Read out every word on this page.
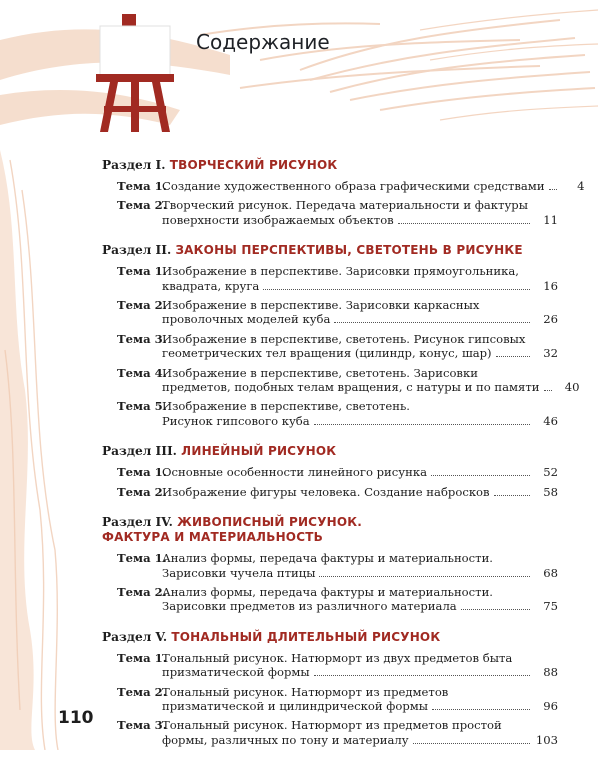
Содержание
Раздел I. ТВОРЧЕСКИЙ РИСУНОК
Тема 1.
Создание художественного образа графическими средствами	4
Тема 2.
Творческий рисунок. Передача материальности и фактуры
поверхности изображаемых объектов	11
Раздел II. ЗАКОНЫ ПЕРСПЕКТИВЫ, СВЕТОТЕНЬ В РИСУНКЕ
Тема 1.
Изображение в перспективе. Зарисовки прямоугольника,
квадрата, круга	16
Тема 2.
Изображение в перспективе. Зарисовки каркасных
проволочных моделей куба	26
Тема 3.
Изображение в перспективе, светотень. Рисунок гипсовых
геометрических тел вращения (цилиндр, конус, шар)	32
Тема 4.
Изображение в перспективе, светотень. Зарисовки
предметов, подобных телам вращения, с натуры и по памяти	40
Тема 5.
Изображение в перспективе, светотень.
Рисунок гипсового куба	46
Раздел III. ЛИНЕЙНЫЙ РИСУНОК
Тема 1.
Основные особенности линейного рисунка	52
Тема 2.
Изображение фигуры человека. Создание набросков	58
Раздел IV. ЖИВОПИСНЫЙ РИСУНОК.
ФАКТУРА И МАТЕРИАЛЬНОСТЬ
Тема 1.
Анализ формы, передача фактуры и материальности.
Зарисовки чучела птицы	68
Тема 2.
Анализ формы, передача фактуры и материальности.
Зарисовки предметов из различного материала	75
Раздел V. ТОНАЛЬНЫЙ ДЛИТЕЛЬНЫЙ РИСУНОК
Тема 1.
Тональный рисунок. Натюрморт из двух предметов быта
призматической формы	88
Тема 2.
Тональный рисунок. Натюрморт из предметов
призматической и цилиндрической формы	96
Тема 3.
Тональный рисунок. Натюрморт из предметов простой
формы, различных по тону и материалу	103
110
